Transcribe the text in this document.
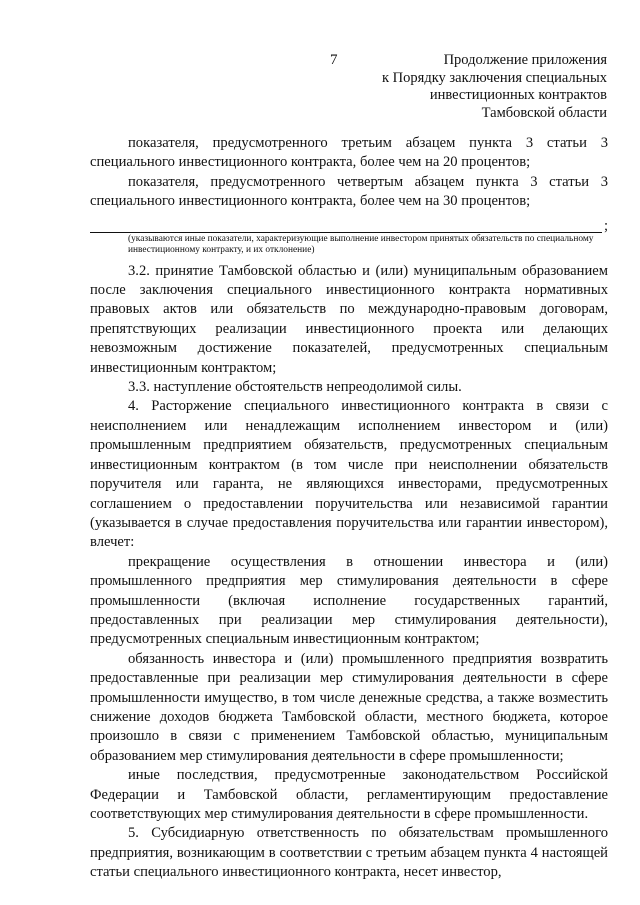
7	Продолжение приложения
к Порядку заключения специальных
инвестиционных контрактов
Тамбовской области

показателя, предусмотренного третьим абзацем пункта 3 статьи 3 специального инвестиционного контракта, более чем на 20 процентов;

показателя, предусмотренного четвертым абзацем пункта 3 статьи 3 специального инвестиционного контракта, более чем на 30 процентов;

;
(указываются иные показатели, характеризующие выполнение инвестором принятых обязательств по специальному инвестиционному контракту, и их отклонение)

3.2. принятие Тамбовской областью и (или) муниципальным образованием после заключения специального инвестиционного контракта нормативных правовых актов или обязательств по международно-правовым договорам, препятствующих реализации инвестиционного проекта или делающих невозможным достижение показателей, предусмотренных специальным инвестиционным контрактом;

3.3. наступление обстоятельств непреодолимой силы.

4. Расторжение специального инвестиционного контракта в связи с неисполнением или ненадлежащим исполнением инвестором и (или) промышленным предприятием обязательств, предусмотренных специальным инвестиционным контрактом (в том числе при неисполнении обязательств поручителя или гаранта, не являющихся инвесторами, предусмотренных соглашением о предоставлении поручительства или независимой гарантии (указывается в случае предоставления поручительства или гарантии инвестором), влечет:

прекращение осуществления в отношении инвестора и (или) промышленного предприятия мер стимулирования деятельности в сфере промышленности (включая исполнение государственных гарантий, предоставленных при реализации мер стимулирования деятельности), предусмотренных специальным инвестиционным контрактом;

обязанность инвестора и (или) промышленного предприятия возвратить предоставленные при реализации мер стимулирования деятельности в сфере промышленности имущество, в том числе денежные средства, а также возместить снижение доходов бюджета Тамбовской области, местного бюджета, которое произошло в связи с применением Тамбовской областью, муниципальным образованием мер стимулирования деятельности в сфере промышленности;

иные последствия, предусмотренные законодательством Российской Федерации и Тамбовской области, регламентирующим предоставление соответствующих мер стимулирования деятельности в сфере промышленности.

5. Субсидиарную ответственность по обязательствам промышленного предприятия, возникающим в соответствии с третьим абзацем пункта 4 настоящей статьи специального инвестиционного контракта, несет инвестор,
